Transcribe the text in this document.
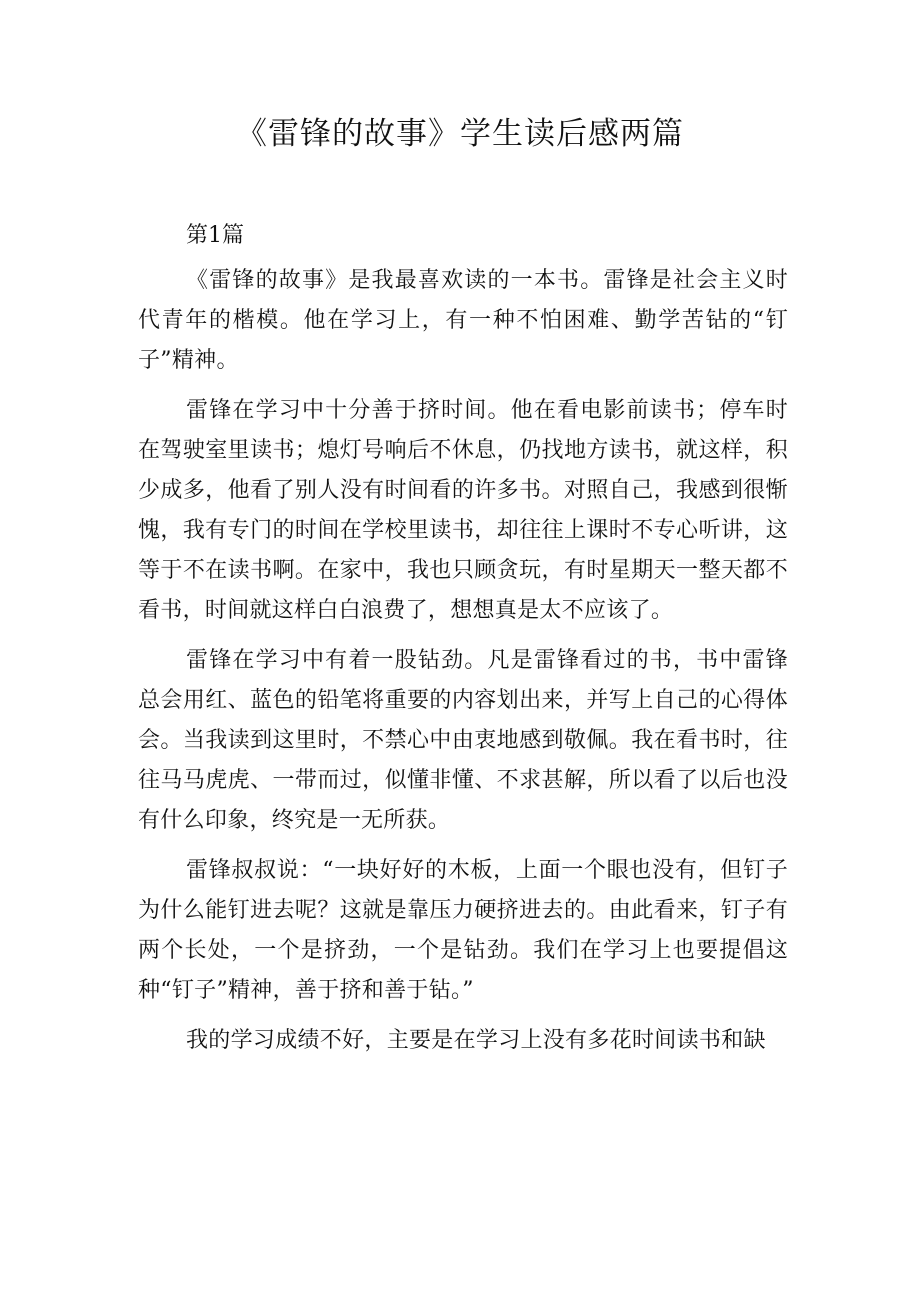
《雷锋的故事》学生读后感两篇
第1篇

《雷锋的故事》是我最喜欢读的一本书。雷锋是社会主义时代青年的楷模。他在学习上，有一种不怕困难、勤学苦钻的“钉子”精神。

雷锋在学习中十分善于挤时间。他在看电影前读书；停车时在驾驶室里读书；熄灯号响后不休息，仍找地方读书，就这样，积少成多，他看了别人没有时间看的许多书。对照自己，我感到很惭愧，我有专门的时间在学校里读书，却往往上课时不专心听讲，这等于不在读书啊。在家中，我也只顾贪玩，有时星期天一整天都不看书，时间就这样白白浪费了，想想真是太不应该了。

雷锋在学习中有着一股钻劲。凡是雷锋看过的书，书中雷锋总会用红、蓝色的铅笔将重要的内容划出来，并写上自己的心得体会。当我读到这里时，不禁心中由衷地感到敬佩。我在看书时，往往马马虎虎、一带而过，似懂非懂、不求甚解，所以看了以后也没有什么印象，终究是一无所获。

雷锋叔叔说：“一块好好的木板，上面一个眼也没有，但钉子为什么能钉进去呢？这就是靠压力硬挤进去的。由此看来，钉子有两个长处，一个是挤劲，一个是钻劲。我们在学习上也要提倡这种“钉子”精神，善于挤和善于钻。”

我的学习成绩不好，主要是在学习上没有多花时间读书和缺
